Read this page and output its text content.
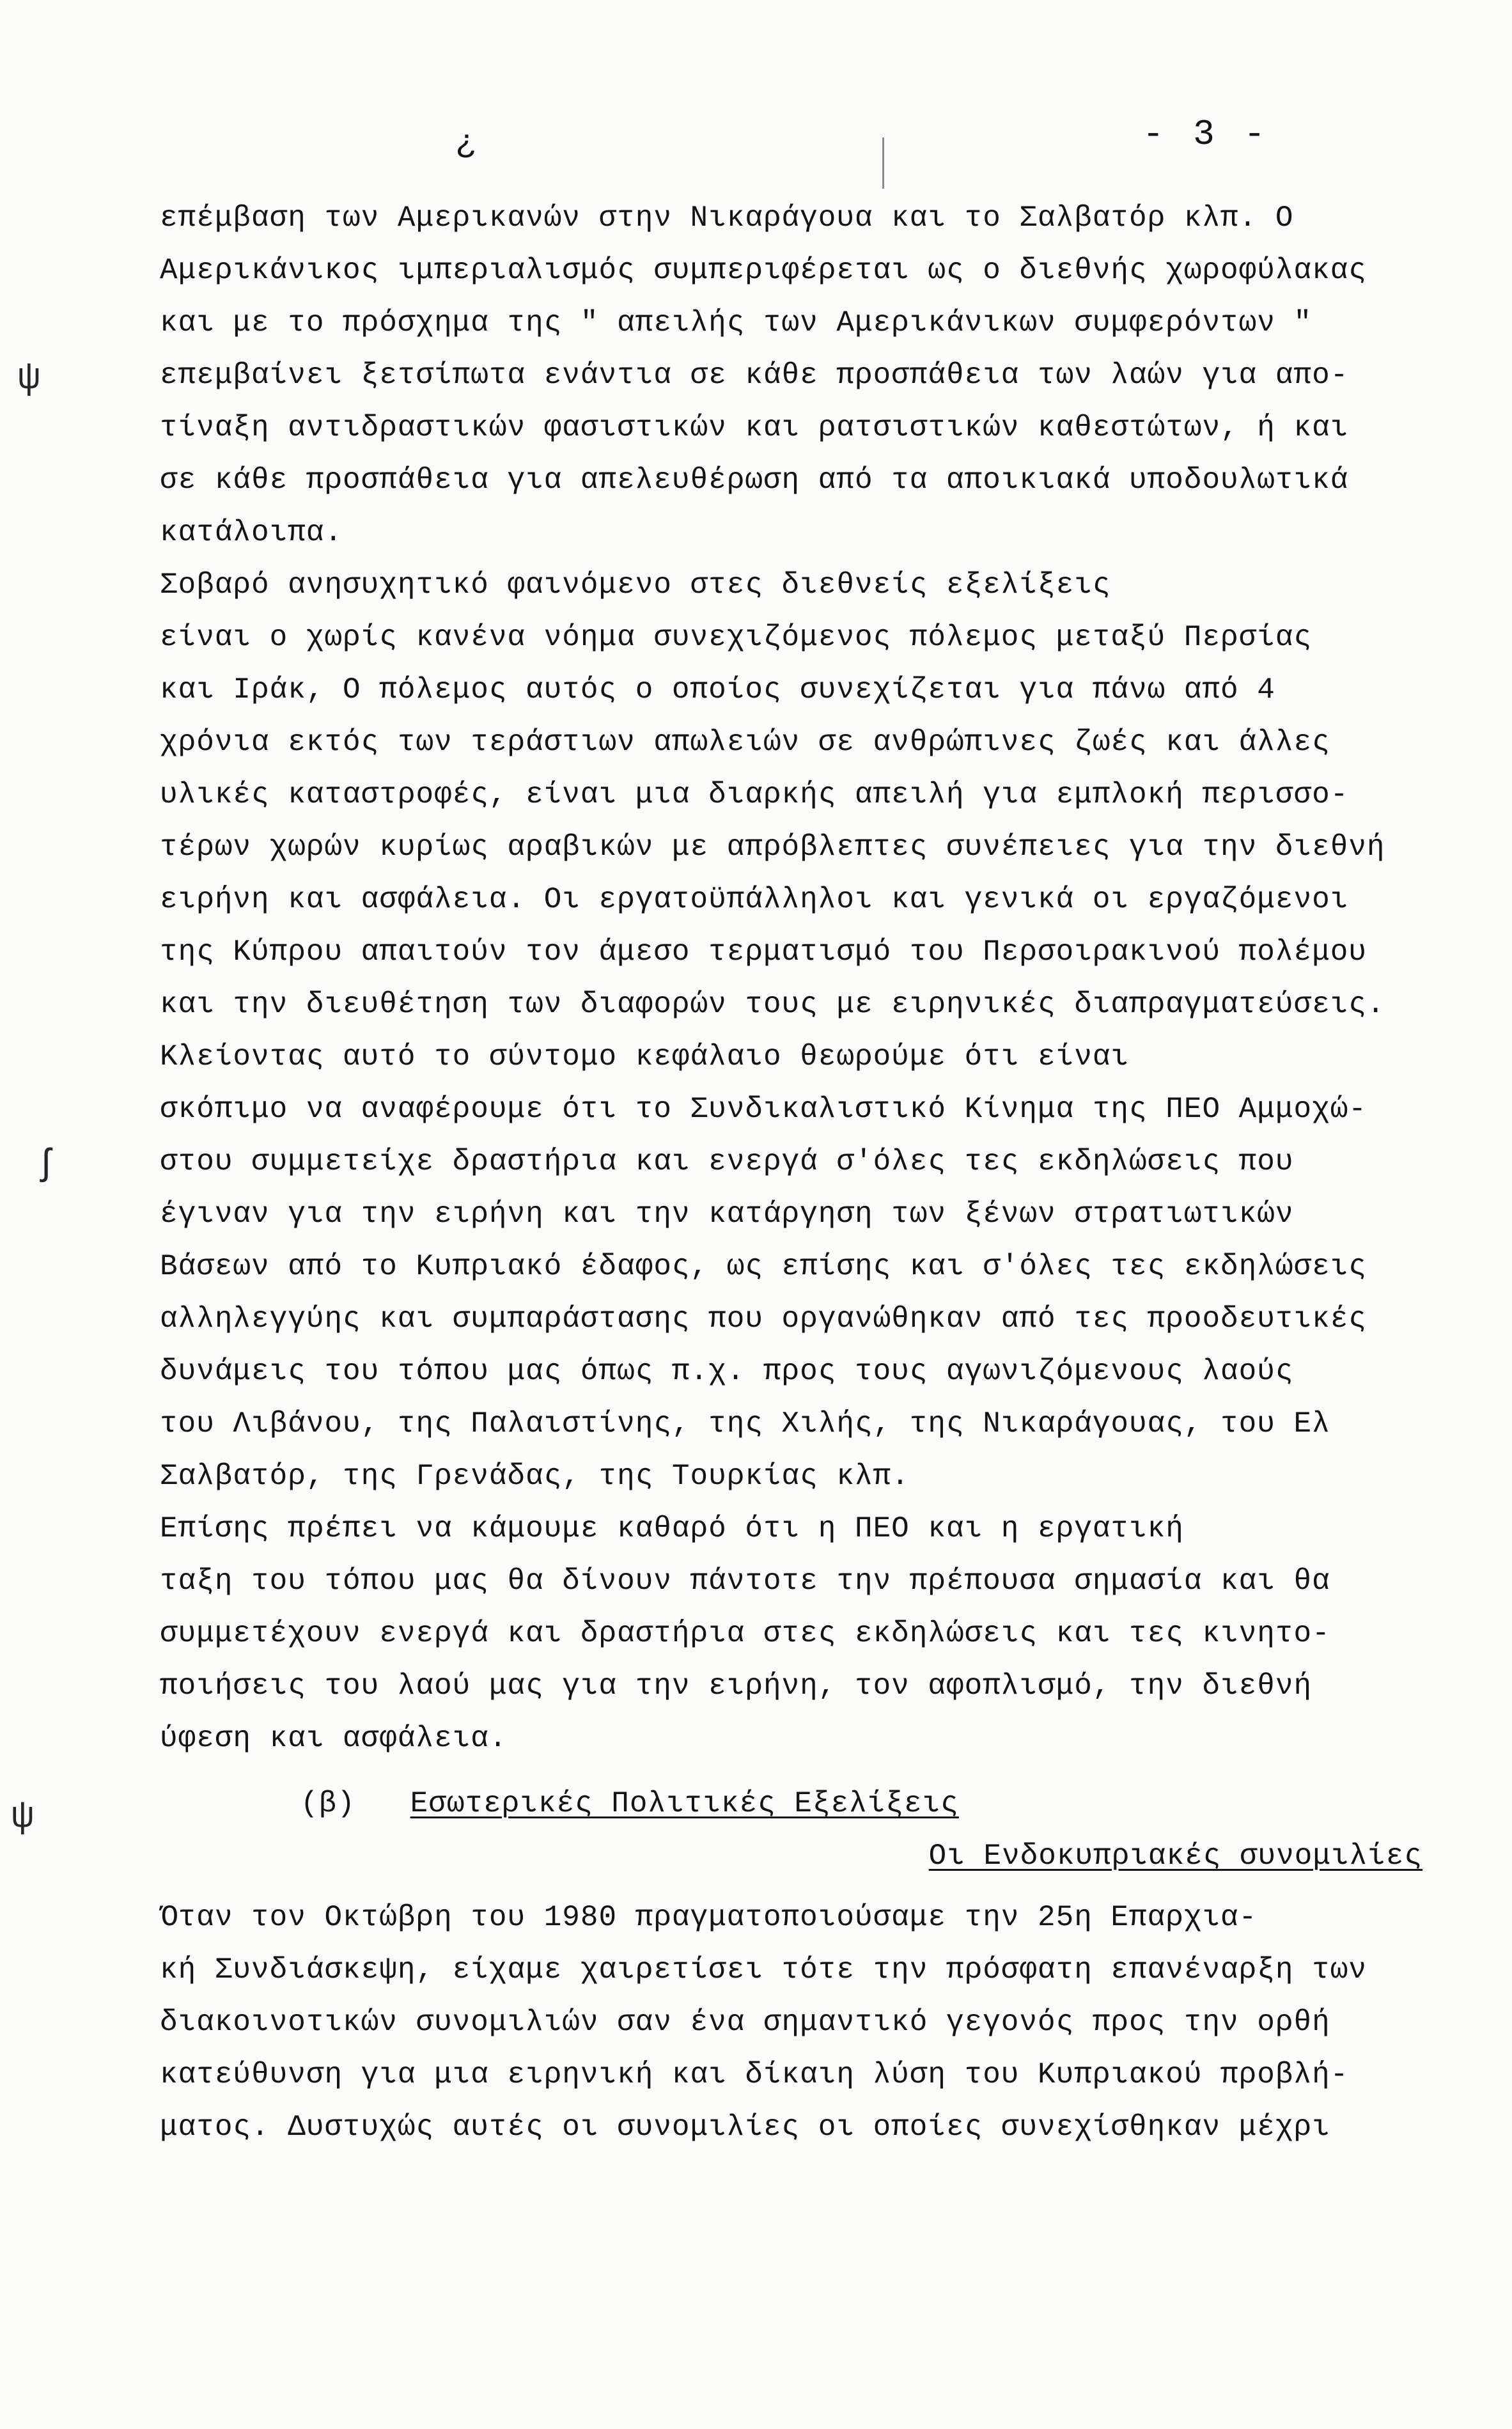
¿	- 3 -
ψ
ʃ
ψ

επέμβαση των Αμερικανών στην Νικαράγουα και το Σαλβατόρ κλπ. Ο
Αμερικάνικος ιμπεριαλισμός συμπεριφέρεται ως ο διεθνής χωροφύλακας
και με το πρόσχημα της " απειλής των Αμερικάνικων συμφερόντων "
επεμβαίνει ξετσίπωτα ενάντια σε κάθε προσπάθεια των λαών για απο-
τίναξη αντιδραστικών φασιστικών και ρατσιστικών καθεστώτων, ή και
σε κάθε προσπάθεια για απελευθέρωση από τα αποικιακά υποδουλωτικά
κατάλοιπα.

Σοβαρό ανησυχητικό φαινόμενο στες διεθνείς εξελίξεις
είναι ο χωρίς κανένα νόημα συνεχιζόμενος πόλεμος μεταξύ Περσίας
και Ιράκ, Ο πόλεμος αυτός ο οποίος συνεχίζεται για πάνω από 4
χρόνια εκτός των τεράστιων απωλειών σε ανθρώπινες ζωές και άλλες
υλικές καταστροφές, είναι μια διαρκής απειλή για εμπλοκή περισσο-
τέρων χωρών κυρίως αραβικών με απρόβλεπτες συνέπειες για την διεθνή
ειρήνη και ασφάλεια. Οι εργατοϋπάλληλοι και γενικά οι εργαζόμενοι
της Κύπρου απαιτούν τον άμεσο τερματισμό του Περσοιρακινού πολέμου
και την διευθέτηση των διαφορών τους με ειρηνικές διαπραγματεύσεις.

Κλείοντας αυτό το σύντομο κεφάλαιο θεωρούμε ότι είναι
σκόπιμο να αναφέρουμε ότι το Συνδικαλιστικό Κίνημα της ΠΕΟ Αμμοχώ-
στου συμμετείχε δραστήρια και ενεργά σ'όλες τες εκδηλώσεις που
έγιναν για την ειρήνη και την κατάργηση των ξένων στρατιωτικών
Βάσεων από το Κυπριακό έδαφος, ως επίσης και σ'όλες τες εκδηλώσεις
αλληλεγγύης και συμπαράστασης που οργανώθηκαν από τες προοδευτικές
δυνάμεις του τόπου μας όπως π.χ. προς τους αγωνιζόμενους λαούς
του Λιβάνου, της Παλαιστίνης, της Χιλής, της Νικαράγουας, του Ελ
Σαλβατόρ, της Γρενάδας, της Τουρκίας κλπ.

Επίσης πρέπει να κάμουμε καθαρό ότι η ΠΕΟ και η εργατική
ταξη του τόπου μας θα δίνουν πάντοτε την πρέπουσα σημασία και θα
συμμετέχουν ενεργά και δραστήρια στες εκδηλώσεις και τες κινητο-
ποιήσεις του λαού μας για την ειρήνη, τον αφοπλισμό, την διεθνή
ύφεση και ασφάλεια.

(β) Εσωτερικές Πολιτικές Εξελίξεις
Οι Ενδοκυπριακές συνομιλίες

Όταν τον Οκτώβρη του 1980 πραγματοποιούσαμε την 25η Επαρχια-
κή Συνδιάσκεψη, είχαμε χαιρετίσει τότε την πρόσφατη επανέναρξη των
διακοινοτικών συνομιλιών σαν ένα σημαντικό γεγονός προς την ορθή
κατεύθυνση για μια ειρηνική και δίκαιη λύση του Κυπριακού προβλή-
ματος. Δυστυχώς αυτές οι συνομιλίες οι οποίες συνεχίσθηκαν μέχρι
